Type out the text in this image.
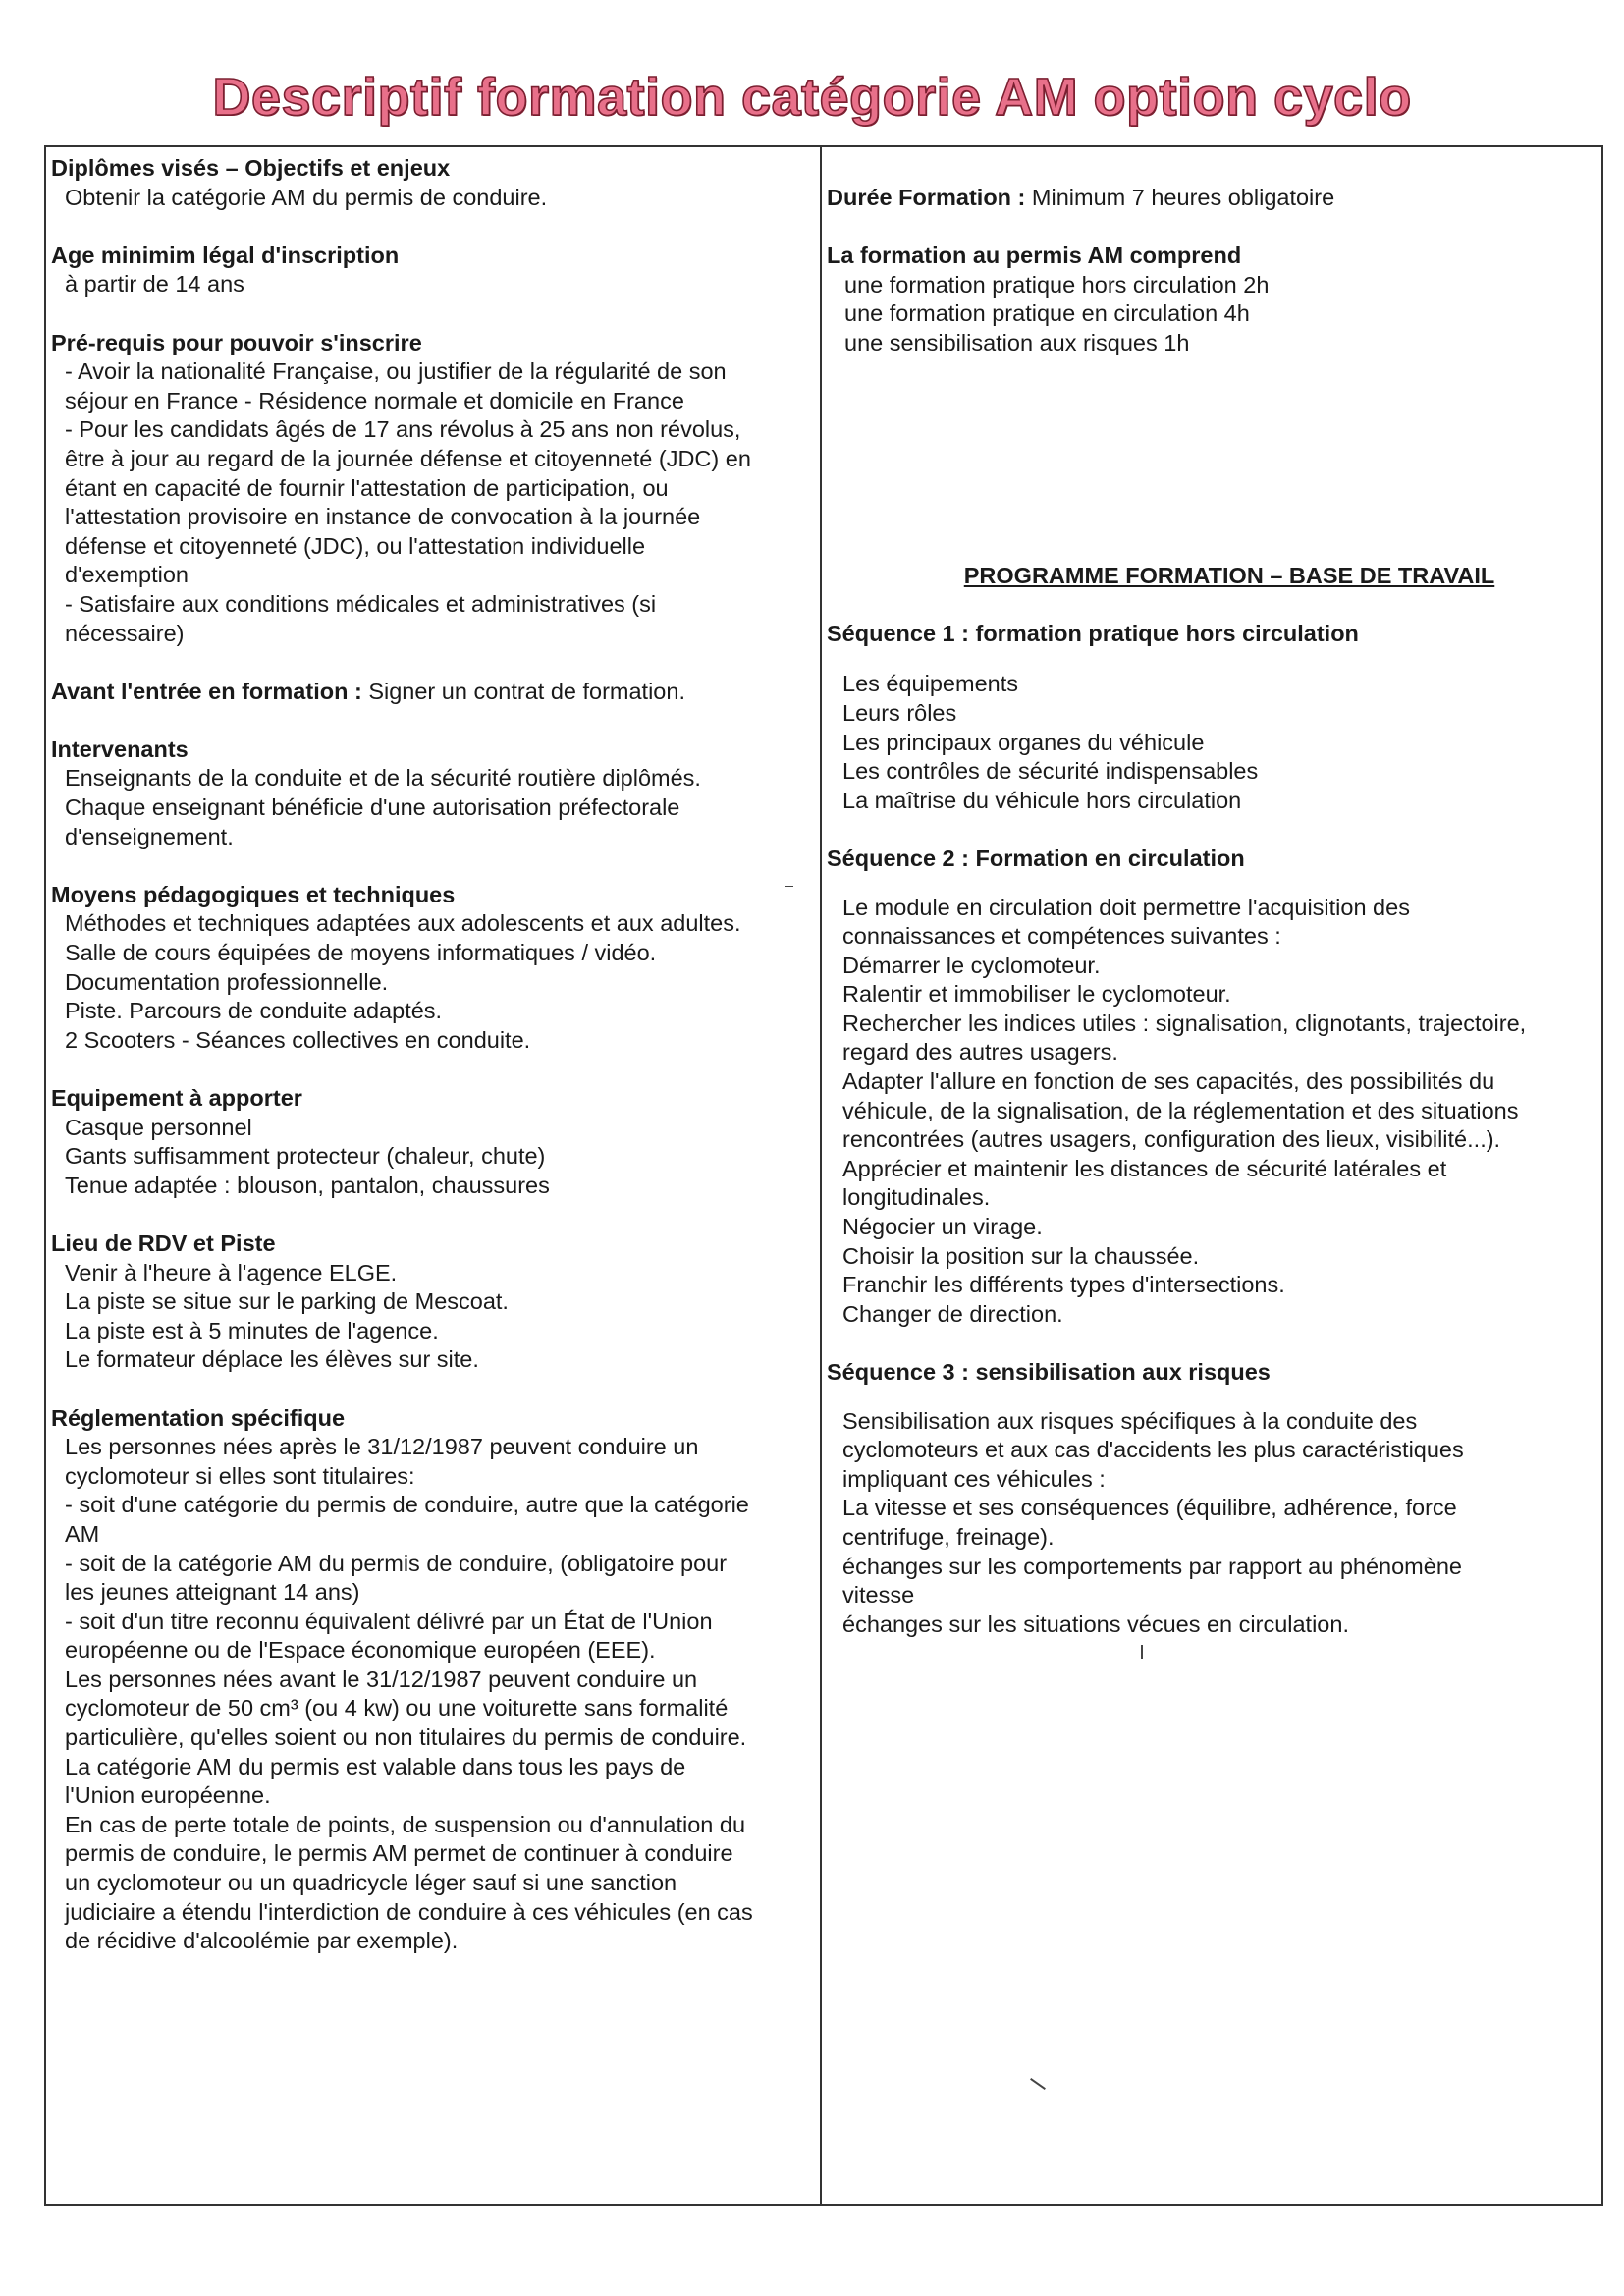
Descriptif formation catégorie AM option cyclo

Diplômes visés – Objectifs et enjeux

Obtenir la catégorie AM du permis de conduire.

Age minimim légal d'inscription

à partir de 14 ans

Pré-requis pour pouvoir s'inscrire

- Avoir la nationalité Française, ou justifier de la régularité de son

séjour en France - Résidence normale et domicile en France

- Pour les candidats âgés de 17 ans révolus à 25 ans non révolus,

être à jour au regard de la journée défense et citoyenneté (JDC) en

étant en capacité de fournir l'attestation de participation, ou

l'attestation provisoire en instance de convocation à la journée

défense et citoyenneté (JDC), ou l'attestation individuelle

d'exemption

- Satisfaire aux conditions médicales et administratives (si

nécessaire)

Avant l'entrée en formation : Signer un contrat de formation.

Intervenants

Enseignants de la conduite et de la sécurité routière diplômés.

Chaque enseignant bénéficie d'une autorisation préfectorale

d'enseignement.

Moyens pédagogiques et techniques

Méthodes et techniques adaptées aux adolescents et aux adultes.

Salle de cours équipées de moyens informatiques / vidéo.

Documentation professionnelle.

Piste. Parcours de conduite adaptés.

2 Scooters - Séances collectives en conduite.

Equipement à apporter

Casque personnel

Gants suffisamment protecteur (chaleur, chute)

Tenue adaptée : blouson, pantalon, chaussures

Lieu de RDV et Piste

Venir à l'heure à l'agence ELGE.

La piste se situe sur le parking de Mescoat.

La piste est à 5 minutes de l'agence.

Le formateur déplace les élèves sur site.

Réglementation spécifique

Les personnes nées après le 31/12/1987 peuvent conduire un

cyclomoteur si elles sont titulaires:

- soit d'une catégorie du permis de conduire, autre que la catégorie

AM

- soit de la catégorie AM du permis de conduire, (obligatoire pour

les jeunes atteignant 14 ans)

- soit d'un titre reconnu équivalent délivré par un État de l'Union

européenne ou de l'Espace économique européen (EEE).

Les personnes nées avant le 31/12/1987 peuvent conduire un

cyclomoteur de 50 cm³ (ou 4 kw) ou une voiturette sans formalité

particulière, qu'elles soient ou non titulaires du permis de conduire.

La catégorie AM du permis est valable dans tous les pays de

l'Union européenne.

En cas de perte totale de points, de suspension ou d'annulation du

permis de conduire, le permis AM permet de continuer à conduire

un cyclomoteur ou un quadricycle léger sauf si une sanction

judiciaire a étendu l'interdiction de conduire à ces véhicules (en cas

de récidive d'alcoolémie par exemple).

Durée Formation : Minimum 7 heures obligatoire

La formation au permis AM comprend

une formation pratique hors circulation 2h

une formation pratique en circulation 4h

une sensibilisation aux risques 1h

PROGRAMME FORMATION – BASE DE TRAVAIL

Séquence 1 : formation pratique hors circulation

Les équipements

Leurs rôles

Les principaux organes du véhicule

Les contrôles de sécurité indispensables

La maîtrise du véhicule hors circulation

Séquence 2 : Formation en circulation

Le module en circulation doit permettre l'acquisition des

connaissances et compétences suivantes :

Démarrer le cyclomoteur.

Ralentir et immobiliser le cyclomoteur.

Rechercher les indices utiles : signalisation, clignotants, trajectoire,

regard des autres usagers.

Adapter l'allure en fonction de ses capacités, des possibilités du

véhicule, de la signalisation, de la réglementation et des situations

rencontrées (autres usagers, configuration des lieux, visibilité...).

Apprécier et maintenir les distances de sécurité latérales et

longitudinales.

Négocier un virage.

Choisir la position sur la chaussée.

Franchir les différents types d'intersections.

Changer de direction.

Séquence 3 : sensibilisation aux risques

Sensibilisation aux risques spécifiques à la conduite des

cyclomoteurs et aux cas d'accidents les plus caractéristiques

impliquant ces véhicules :

La vitesse et ses conséquences (équilibre, adhérence, force

centrifuge, freinage).

échanges sur les comportements par rapport au phénomène

vitesse

échanges sur les situations vécues en circulation.
